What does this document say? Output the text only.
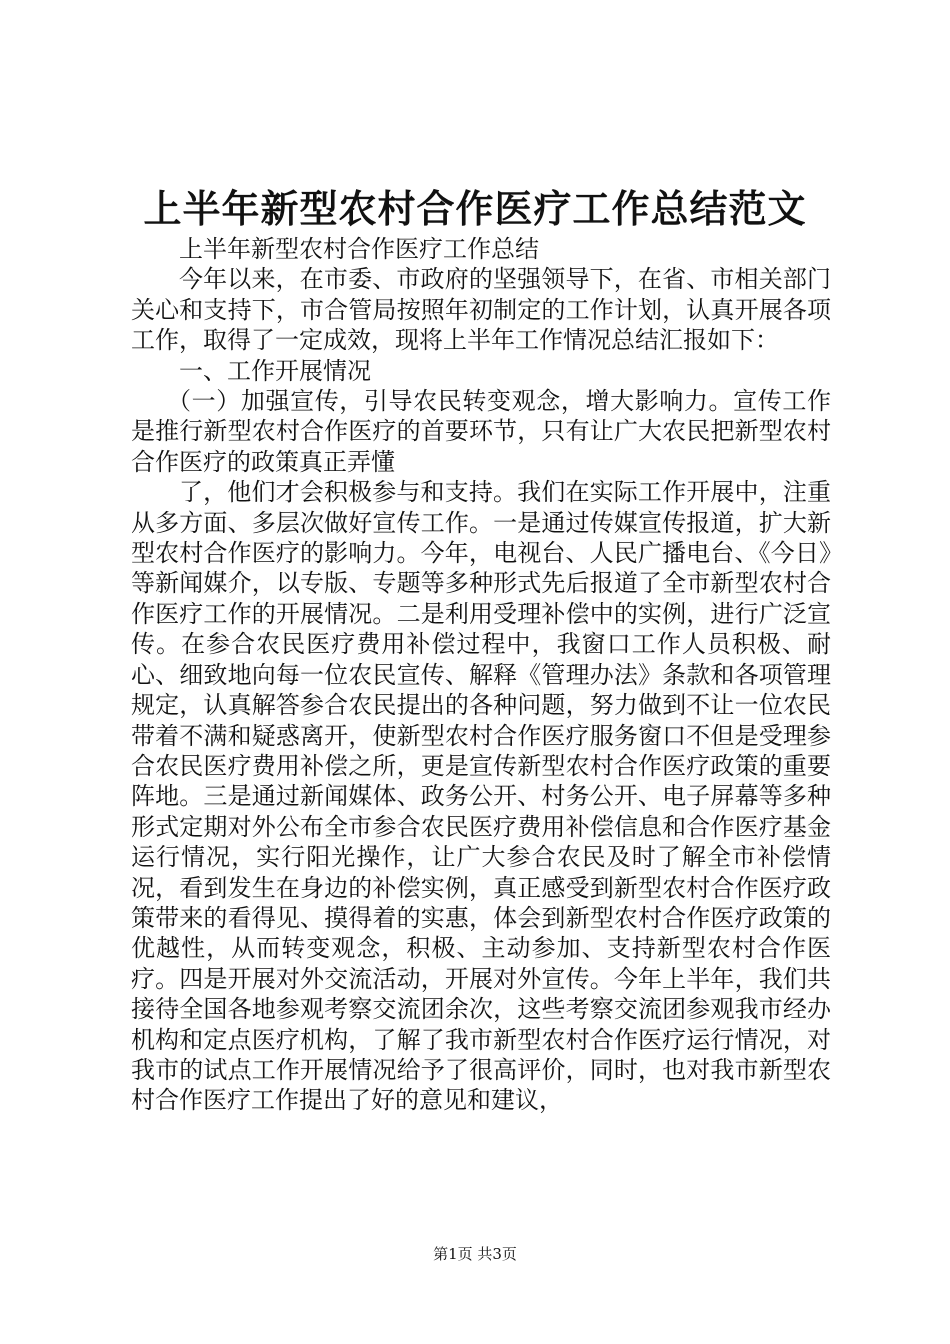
上半年新型农村合作医疗工作总结范文

上半年新型农村合作医疗工作总结

今年以来，在市委、市政府的坚强领导下，在省、市相关部门关心和支持下，市合管局按照年初制定的工作计划，认真开展各项工作，取得了一定成效，现将上半年工作情况总结汇报如下：

一、工作开展情况

（一）加强宣传，引导农民转变观念，增大影响力。宣传工作是推行新型农村合作医疗的首要环节，只有让广大农民把新型农村合作医疗的政策真正弄懂

了，他们才会积极参与和支持。我们在实际工作开展中，注重从多方面、多层次做好宣传工作。一是通过传媒宣传报道，扩大新型农村合作医疗的影响力。今年，电视台、人民广播电台、《今日》等新闻媒介，以专版、专题等多种形式先后报道了全市新型农村合作医疗工作的开展情况。二是利用受理补偿中的实例，进行广泛宣传。在参合农民医疗费用补偿过程中，我窗口工作人员积极、耐心、细致地向每一位农民宣传、解释《管理办法》条款和各项管理规定，认真解答参合农民提出的各种问题，努力做到不让一位农民带着不满和疑惑离开，使新型农村合作医疗服务窗口不但是受理参合农民医疗费用补偿之所，更是宣传新型农村合作医疗政策的重要阵地。三是通过新闻媒体、政务公开、村务公开、电子屏幕等多种形式定期对外公布全市参合农民医疗费用补偿信息和合作医疗基金运行情况，实行阳光操作，让广大参合农民及时了解全市补偿情况，看到发生在身边的补偿实例，真正感受到新型农村合作医疗政策带来的看得见、摸得着的实惠，体会到新型农村合作医疗政策的优越性，从而转变观念，积极、主动参加、支持新型农村合作医疗。四是开展对外交流活动，开展对外宣传。今年上半年，我们共接待全国各地参观考察交流团余次，这些考察交流团参观我市经办机构和定点医疗机构，了解了我市新型农村合作医疗运行情况，对我市的试点工作开展情况给予了很高评价，同时，也对我市新型农村合作医疗工作提出了好的意见和建议，

第1页 共3页
